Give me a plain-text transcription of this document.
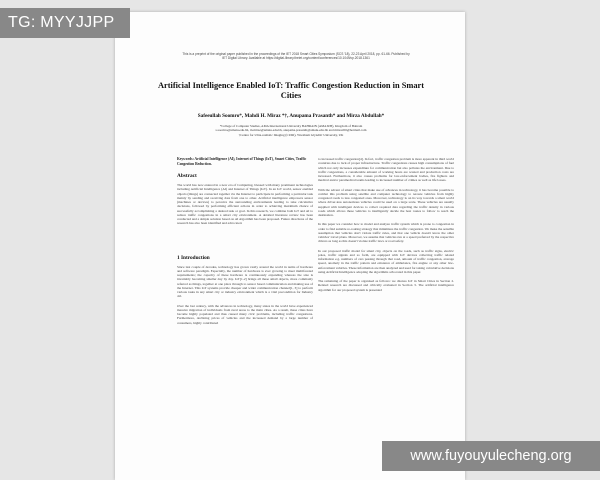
TG: MYYJJPP
www.fuyouyulecheng.org
This is a preprint of the original paper published in the proceedings of the IET 2018 Smart Cities Symposium (SCS '18), 22-23 April 2018, pp. 61-66. Published by IET Digital Library. Available at https://digital-library.theiet.org/content/conferences/10.1049/cp.2018.1361
Artificial Intelligence Enabled IoT: Traffic Congestion Reduction in Smart Cities
Safeeullah Soomro*, Mahdi H. Miraz *†, Anupama Prasanth* and Mirza Abdullah*
*College of Computer Studies, AMA International University BAHRAIN (AMAIUB), Kingdom of Bahrain
s.soomro@amaiu.edu.bh, m.miraz@amaiu.edu.bh, anupama.prasanth@amaiu.edu.bh and mirza456@hotmail.com
†Centre for Ultra-realistic Imaging (CURI), Wrexham Glyndŵr University, UK
Keywords: Artificial Intelligence (AI), Internet of Things (IoT), Smart Cities, Traffic Congestion Reduction.
Abstract
The world has now entered in a new era of Computing, blessed with many prominent technologies including Artificial Intelligence (AI) and Internet of Things (IoT). In an IoT world, sensor enabled objects (things) are connected together via the Internet to participate in performing a particular task mainly by sending and receiving data from one to other. Artificial intelligence empowers sensor (machines or devices) to perceive the surrounding environments leading to take calculative decisions, followed by performing efficient actions in order to achieving maximum chance of successfully accomplishing a desired task or goal. In this research, we combine both IoT and AI to reduce traffic congestions in a smart city environment. A detailed literature review has been conducted and a simple solution based on AI Algorithm has been proposed. Future directions of the research has also been identified and advocated.
1 Introduction
Since last couple of decades, technology has grown vastly around the world in terms of hardware and software paradigm. Especially, the number of hardware is ever growing to meet multifaceted requirements; the capacity of these hardware is continuously expanding whereas the size is invariably becoming smaller day by day. IoT[1-2] brings all these small objects, more commonly referred as things, together at one place through to sensor based communication and making use of the Internet. This IoT systems provide cheaper and wider communication channel[1, 3] to perform various tasks in any smart city or industry environment which is a vital precondition for Industry 4.0.
Over the last century, with the advances in technology, many states in the world have experienced massive migration of individuals from rural areas to the main cities. As a result, these cities have become highly populated and thus caused many civic problems, including traffic congestions. Furthermore, declining prices of vehicles and the increased demand by a large number of consumers, highly contributed
to increased traffic congestion[4]. In fact, traffic congestion problem is more apparent in third world countries due to lack of proper infrastructure. Traffic congestions causes high consumptions of fuel which not only increases expenditure for communication but also pollutes the environment. Due to traffic congestions, a considerable amount of working hours are wasted and production costs are increased. Furthermore, it also causes problems for law-enforcement bodies, fire fighters and medical and/or paramedical teams leading to increased number of crimes as well as life losses.
With the advent of smart cities that make use of advances in technology, it has become possible to combat this problem using satellite and computer technology to reroute vehicles from highly congested roads to less congested ones. Moreover, technology is on its way towards a smart world where driver-less autonomous vehicles could be used on a large scale. These vehicles are usually supplied with intelligent devices to collect required data regarding the traffic density in various roads which allows these vehicles to intelligently decide the best routes to follow to reach the destination.
In this paper we consider how to model and analyze traffic system which is prone to congestion in order to find suitable re-routing strategy that minimizes the traffic congestion. We make the sensible assumption that vehicles don't violate traffic rules, and that one vehicle doesn't know the other vehicles' travel plans. Moreover, we assume that vehicles run at a speed preferred by the respective drivers as long as this doesn't violate traffic laws or road safety.
In our proposed traffic model for smart city, objects on the roads, such as traffic signs, electric poles, traffic signals and so forth, are equipped with IoT devices collecting traffic related information e.g. numbers of cars passing through that road, amount of traffic congestion, average speed, anomaly in the traffic pattern and existence of ambulance, fire engine or any other law-enforcement vehicles. These information are then analyzed and used for taking calculative decisions using Artificial Intelligence adopting the algorithms advocated in this paper.
The remaining of the paper is organised as follows: we discuss IoT in Smart Cities in Section 2. Related research are discussed and critically evaluated in Section 3. The artificial intelligence algorithm for our proposed system is presented
